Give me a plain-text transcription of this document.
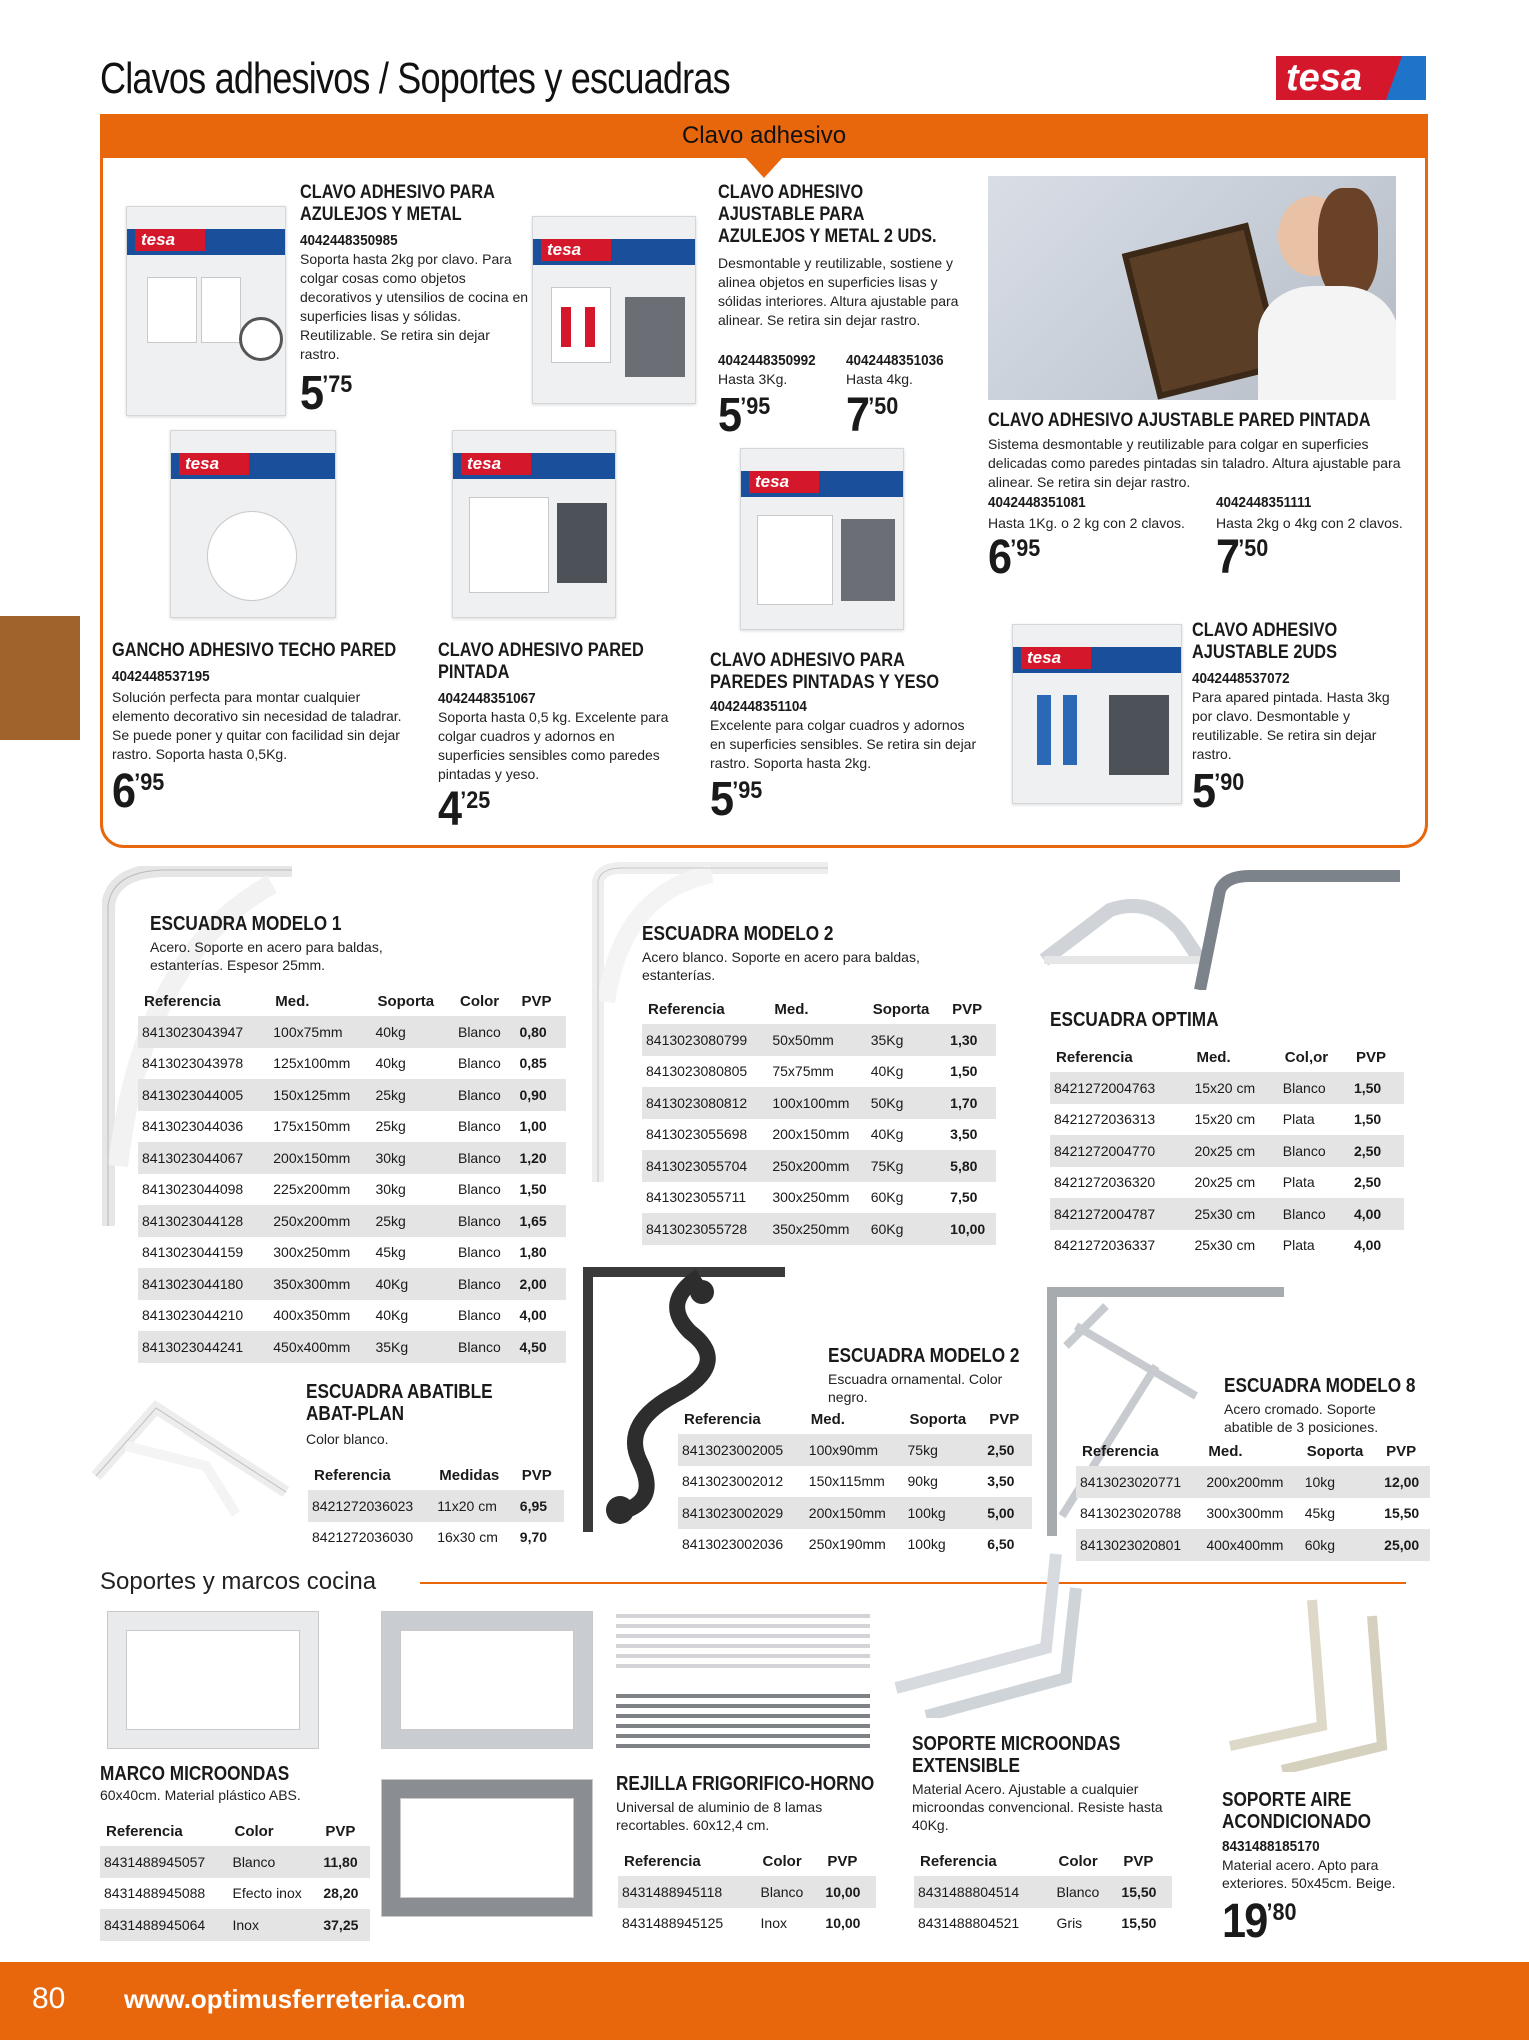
Clavos adhesivos / Soportes y escuadras	tesa
Clavo adhesivo
tesa
CLAVO ADHESIVO PARA
AZULEJOS Y METAL
4042448350985
Soporta hasta 2kg por clavo. Para colgar cosas como objetos decorativos y utensilios de cocina en superficies lisas y sólidas. Reutilizable. Se retira sin dejar rastro.
$5^{’75}$
tesa
CLAVO ADHESIVO
AJUSTABLE PARA
AZULEJOS Y METAL 2 UDS.
Desmontable y reutilizable, sostiene y alinea objetos en superficies lisas y sólidas interiores. Altura ajustable para alinear. Se retira sin dejar rastro.
4042448350992
Hasta 3Kg.
$5^{’95}$
4042448351036
Hasta 4kg.
$7^{’50}$
CLAVO ADHESIVO AJUSTABLE PARED PINTADA
Sistema desmontable y reutilizable para colgar en superficies delicadas como paredes pintadas sin taladro. Altura ajustable para alinear. Se retira sin dejar rastro.
4042448351081
Hasta 1Kg. o 2 kg con 2 clavos.
$6^{’95}$
4042448351111
Hasta 2kg o 4kg con 2 clavos.
$7^{’50}$
tesa
GANCHO ADHESIVO TECHO PARED
4042448537195
Solución perfecta para montar cualquier elemento decorativo sin necesidad de taladrar. Se puede poner y quitar con facilidad sin dejar rastro. Soporta hasta 0,5Kg.
$6^{’95}$
tesa
CLAVO ADHESIVO PARED
PINTADA
4042448351067
Soporta hasta 0,5 kg. Excelente para colgar cuadros y adornos en superficies sensibles como paredes pintadas y yeso.
$4^{’25}$
tesa
CLAVO ADHESIVO PARA
PAREDES PINTADAS Y YESO
4042448351104
Excelente para colgar cuadros y adornos en superficies sensibles. Se retira sin dejar rastro. Soporta hasta 2kg.
$5^{’95}$
tesa
CLAVO ADHESIVO
AJUSTABLE 2UDS
4042448537072
Para apared pintada. Hasta 3kg por clavo. Desmontable y reutilizable. Se retira sin dejar rastro.
$5^{’90}$
ESCUADRA MODELO 1
Acero. Soporte en acero para baldas, estanterías. Espesor 25mm.
Referencia	Med.	Soporta	Color	PVP
8413023043947	100x75mm	40kg	Blanco	0,80
8413023043978	125x100mm	40kg	Blanco	0,85
8413023044005	150x125mm	25kg	Blanco	0,90
8413023044036	175x150mm	25kg	Blanco	1,00
8413023044067	200x150mm	30kg	Blanco	1,20
8413023044098	225x200mm	30kg	Blanco	1,50
8413023044128	250x200mm	25kg	Blanco	1,65
8413023044159	300x250mm	45kg	Blanco	1,80
8413023044180	350x300mm	40Kg	Blanco	2,00
8413023044210	400x350mm	40Kg	Blanco	4,00
8413023044241	450x400mm	35Kg	Blanco	4,50
ESCUADRA MODELO 2
Acero blanco. Soporte en acero para baldas, estanterías.
Referencia	Med.	Soporta	PVP
8413023080799	50x50mm	35Kg	1,30
8413023080805	75x75mm	40Kg	1,50
8413023080812	100x100mm	50Kg	1,70
8413023055698	200x150mm	40Kg	3,50
8413023055704	250x200mm	75Kg	5,80
8413023055711	300x250mm	60Kg	7,50
8413023055728	350x250mm	60Kg	10,00
ESCUADRA OPTIMA
Referencia	Med.	Col,or	PVP
8421272004763	15x20 cm	Blanco	1,50
8421272036313	15x20 cm	Plata	1,50
8421272004770	20x25 cm	Blanco	2,50
8421272036320	20x25 cm	Plata	2,50
8421272004787	25x30 cm	Blanco	4,00
8421272036337	25x30 cm	Plata	4,00
ESCUADRA ABATIBLE
ABAT-PLAN
Color blanco.
Referencia	Medidas	PVP
8421272036023	11x20 cm	6,95
8421272036030	16x30 cm	9,70
ESCUADRA MODELO 2
Escuadra ornamental. Color negro.
Referencia	Med.	Soporta	PVP
8413023002005	100x90mm	75kg	2,50
8413023002012	150x115mm	90kg	3,50
8413023002029	200x150mm	100kg	5,00
8413023002036	250x190mm	100kg	6,50
ESCUADRA MODELO 8
Acero cromado. Soporte abatible de 3 posiciones.
Referencia	Med.	Soporta	PVP
8413023020771	200x200mm	10kg	12,00
8413023020788	300x300mm	45kg	15,50
8413023020801	400x400mm	60kg	25,00
Soportes y marcos cocina
MARCO MICROONDAS
60x40cm. Material plástico ABS.
Referencia	Color	PVP
8431488945057	Blanco	11,80
8431488945088	Efecto inox	28,20
8431488945064	Inox	37,25
REJILLA FRIGORIFICO-HORNO
Universal de aluminio de 8 lamas recortables. 60x12,4 cm.
Referencia	Color	PVP
8431488945118	Blanco	10,00
8431488945125	Inox	10,00
SOPORTE MICROONDAS
EXTENSIBLE
Material Acero. Ajustable a cualquier microondas convencional. Resiste hasta 40Kg.
Referencia	Color	PVP
8431488804514	Blanco	15,50
8431488804521	Gris	15,50
SOPORTE AIRE
ACONDICIONADO
8431488185170
Material acero. Apto para exteriores. 50x45cm. Beige.
$19^{’80}$
80 www.optimusferreteria.com
